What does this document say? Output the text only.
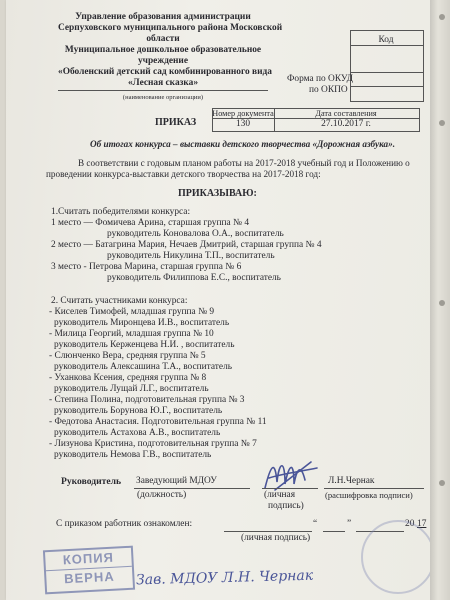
Управление образования администрации
Серпуховского муниципального района Московской
области
Муниципальное дошкольное образовательное
учреждение
«Оболенский детский сад комбинированного вида
«Лесная сказка»
(наименование организации)
Код
Форма по ОКУД
по ОКПО
ПРИКАЗ
Номер документа	Дата составления
130	27.10.2017 г.
Об итогах конкурса – выставки детского творчества «Дорожная азбука».
В соответствии с годовым планом работы на 2017-2018 учебный год и Положению о
проведении конкурса-выставки детского творчества на 2017-2018 год:
ПРИКАЗЫВАЮ:
1.Считать победителями конкурса:
1 место — Фомичева Арина, старшая группа № 4
руководитель Коновалова О.А., воспитатель
2 место — Батагрина Мария, Нечаев Дмитрий, старшая группа № 4
руководитель Никулина Т.П., воспитатель
3 место - Петрова Марина, старшая группа № 6
руководитель Филиппова Е.С., воспитатель
2. Считать участниками конкурса:
- Киселев Тимофей, младшая группа № 9
руководитель Миронцева И.В., воспитатель
- Милица Георгий, младшая группа № 10
руководитель Керженцева Н.И. , воспитатель
- Слюнченко Вера, средняя группа № 5
руководитель Алексашина Т.А., воспитатель
- Уханкова Ксения, средняя группа № 8
руководитель Лущай Л.Г., воспитатель
- Степина Полина, подготовительная группа № 3
руководитель Борунова Ю.Г., воспитатель
- Федотова Анастасия. Подготовительная группа № 11
руководитель Астахова А.В., воспитатель
- Лизунова Кристина, подготовительная группа № 7
руководитель Немова Г.В., воспитатель
Руководитель Заведующий МДОУ
(должность)	(личная
подпись)
Л.Н.Чернак
(расшифровка подписи)
С приказом работник ознакомлен:	“	”	20 17
(личная подпись)
КОПИЯ
ВЕРНА	Зав. МДОУ Л.Н. Чернак
